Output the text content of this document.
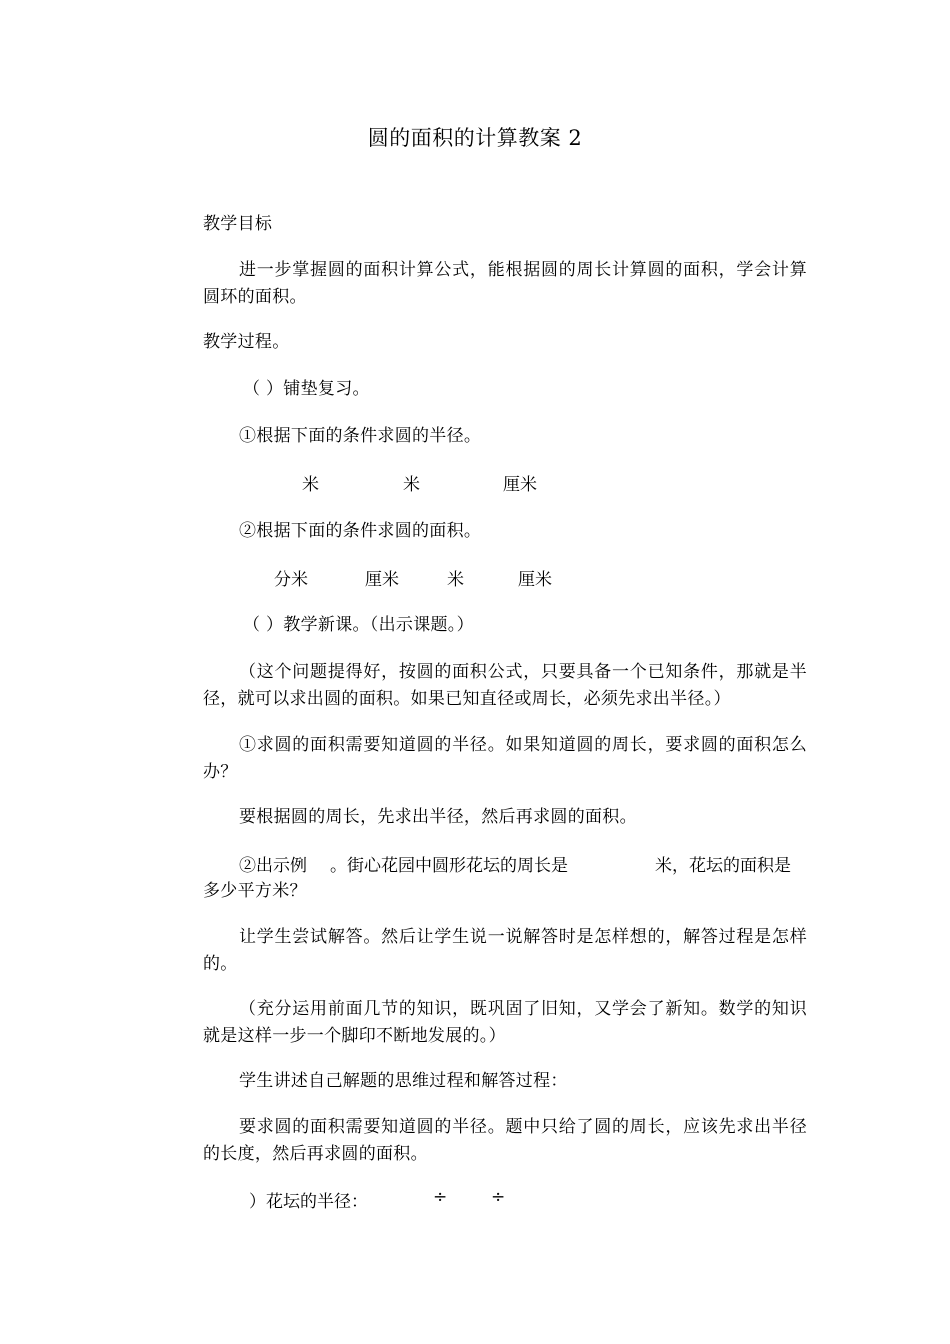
圆的面积的计算教案 2
教学目标
进一步掌握圆的面积计算公式，能根据圆的周长计算圆的面积，学会计算圆环的面积。
教学过程。
（ ）铺垫复习。
①根据下面的条件求圆的半径。
米	米	厘米
②根据下面的条件求圆的面积。
分米	厘米	米	厘米
（ ）教学新课。（出示课题。）
（这个问题提得好，按圆的面积公式，只要具备一个已知条件，那就是半径，就可以求出圆的面积。如果已知直径或周长，必须先求出半径。）
①求圆的面积需要知道圆的半径。如果知道圆的周长，要求圆的面积怎么办？
要根据圆的周长，先求出半径，然后再求圆的面积。
②出示例 。街心花园中圆形花坛的周长是	米，花坛的面积是
多少平方米？
让学生尝试解答。然后让学生说一说解答时是怎样想的，解答过程是怎样的。
（充分运用前面几节的知识，既巩固了旧知，又学会了新知。数学的知识就是这样一步一个脚印不断地发展的。）
学生讲述自己解题的思维过程和解答过程：
要求圆的面积需要知道圆的半径。题中只给了圆的周长，应该先求出半径的长度，然后再求圆的面积。
）花坛的半径：	÷	÷
